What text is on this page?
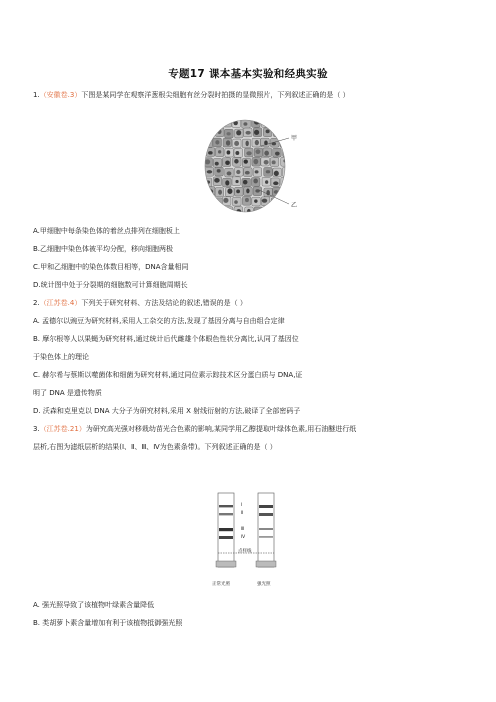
专题17 课本基本实验和经典实验
1.（安徽卷.3）下图是某同学在观察洋葱根尖细胞有丝分裂时拍摄的显微照片，下列叙述正确的是（ ）
甲
乙
A.甲细胞中每条染色体的着丝点排列在细胞板上
B.乙细胞中染色体被平均分配，移向细胞两极
C.甲和乙细胞中的染色体数目相等，DNA含量相同
D.统计图中处于分裂期的细胞数可计算细胞周期长
2.（江苏卷.4）下列关于研究材料、方法及结论的叙述,错误的是（ ）
A. 孟德尔以豌豆为研究材料,采用人工杂交的方法,发现了基因分离与自由组合定律
B. 摩尔根等人以果蝇为研究材料,通过统计后代雌雄个体眼色性状分离比,认同了基因位
于染色体上的理论
C. 赫尔希与蔡斯以噬菌体和细菌为研究材料,通过同位素示踪技术区分蛋白质与 DNA,证
明了 DNA 是遗传物质
D. 沃森和克里克以 DNA 大分子为研究材料,采用 X 射线衍射的方法,破译了全部密码子
3.（江苏卷.21）为研究高光强对移栽幼苗光合色素的影响,某同学用乙醇提取叶绿体色素,用石油醚进行纸
层析,右图为滤纸层析的结果(Ⅰ、Ⅱ、Ⅲ、Ⅳ为色素条带)。下列叙述正确的是（ ）
Ⅰ
Ⅱ
Ⅲ
Ⅳ
点样线
正常光照	强光照
A. 强光照导致了该植物叶绿素含量降低
B. 类胡萝卜素含量增加有利于该植物抵御强光照
